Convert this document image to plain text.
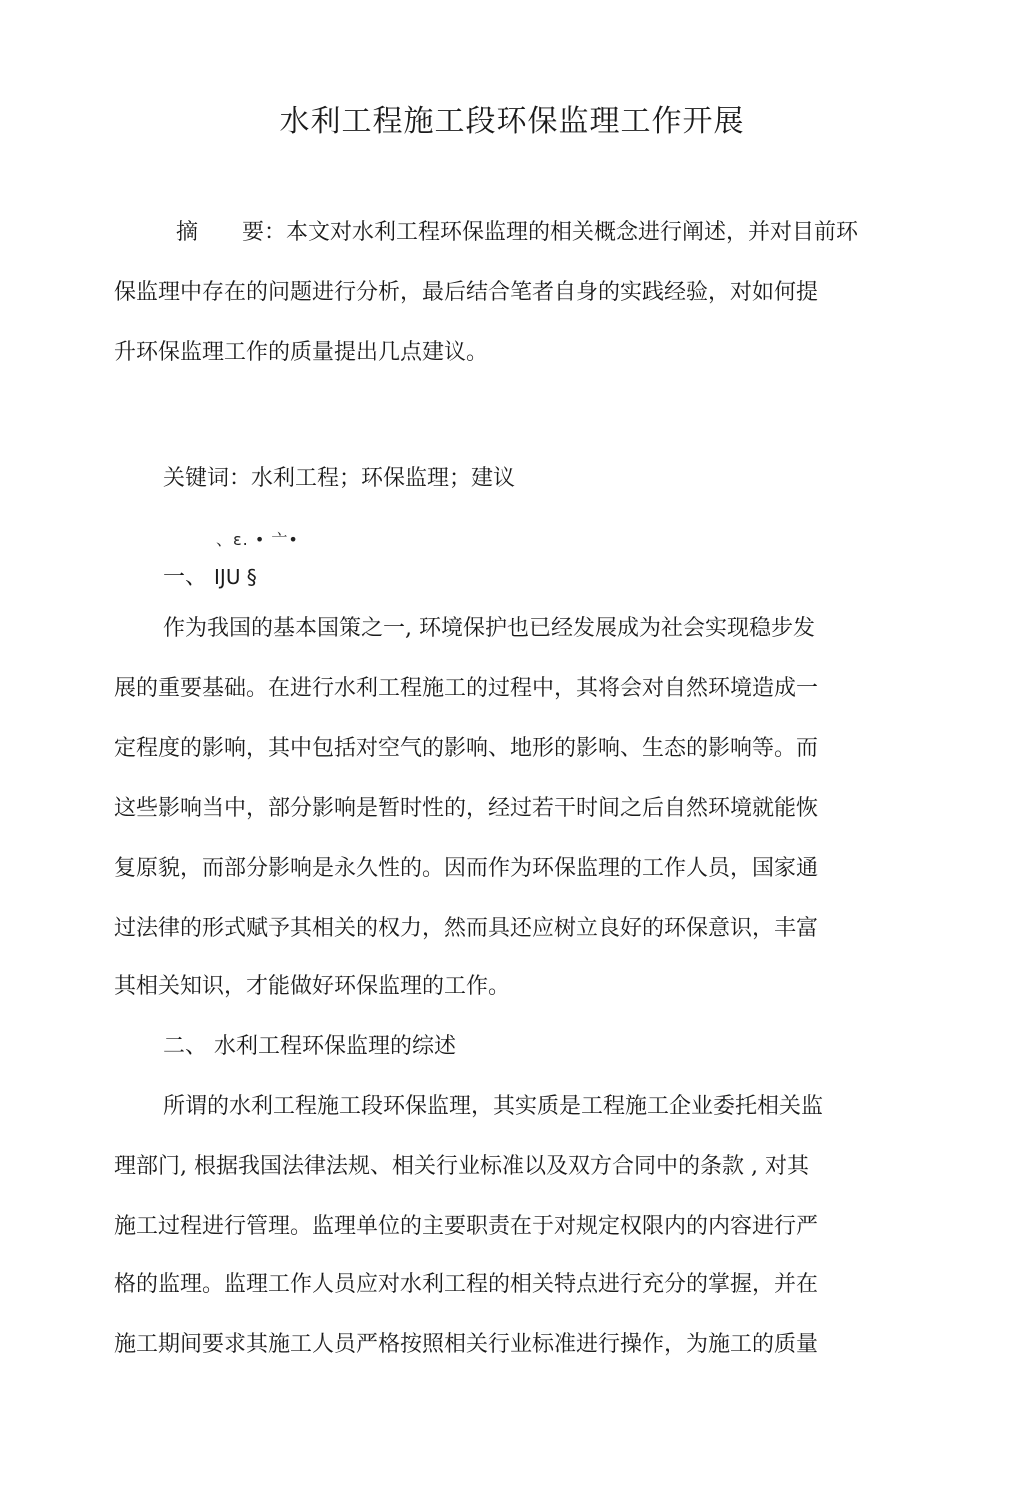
水利工程施工段环保监理工作开展
摘 要：本文对水利工程环保监理的相关概念进行阐述，并对目前环
保监理中存在的问题进行分析，最后结合笔者自身的实践经验，对如何提
升环保监理工作的质量提出几点建议。
关键词：水利工程；环保监理；建议
、ε. • 亠•
一、 IJU §
作为我国的基本国策之一, 环境保护也已经发展成为社会实现稳步发
展的重要基础。在进行水利工程施工的过程中，其将会对自然环境造成一
定程度的影响，其中包括对空气的影响、地形的影响、生态的影响等。而
这些影响当中，部分影响是暂时性的，经过若干时间之后自然环境就能恢
复原貌，而部分影响是永久性的。因而作为环保监理的工作人员，国家通
过法律的形式赋予其相关的权力，然而具还应树立良好的环保意识，丰富
其相关知识，才能做好环保监理的工作。
二、 水利工程环保监理的综述
所谓的水利工程施工段环保监理，其实质是工程施工企业委托相关监
理部门, 根据我国法律法规、相关行业标准以及双方合同中的条款 , 对其
施工过程进行管理。监理单位的主要职责在于对规定权限内的内容进行严
格的监理。监理工作人员应对水利工程的相关特点进行充分的掌握，并在
施工期间要求其施工人员严格按照相关行业标准进行操作，为施工的质量
